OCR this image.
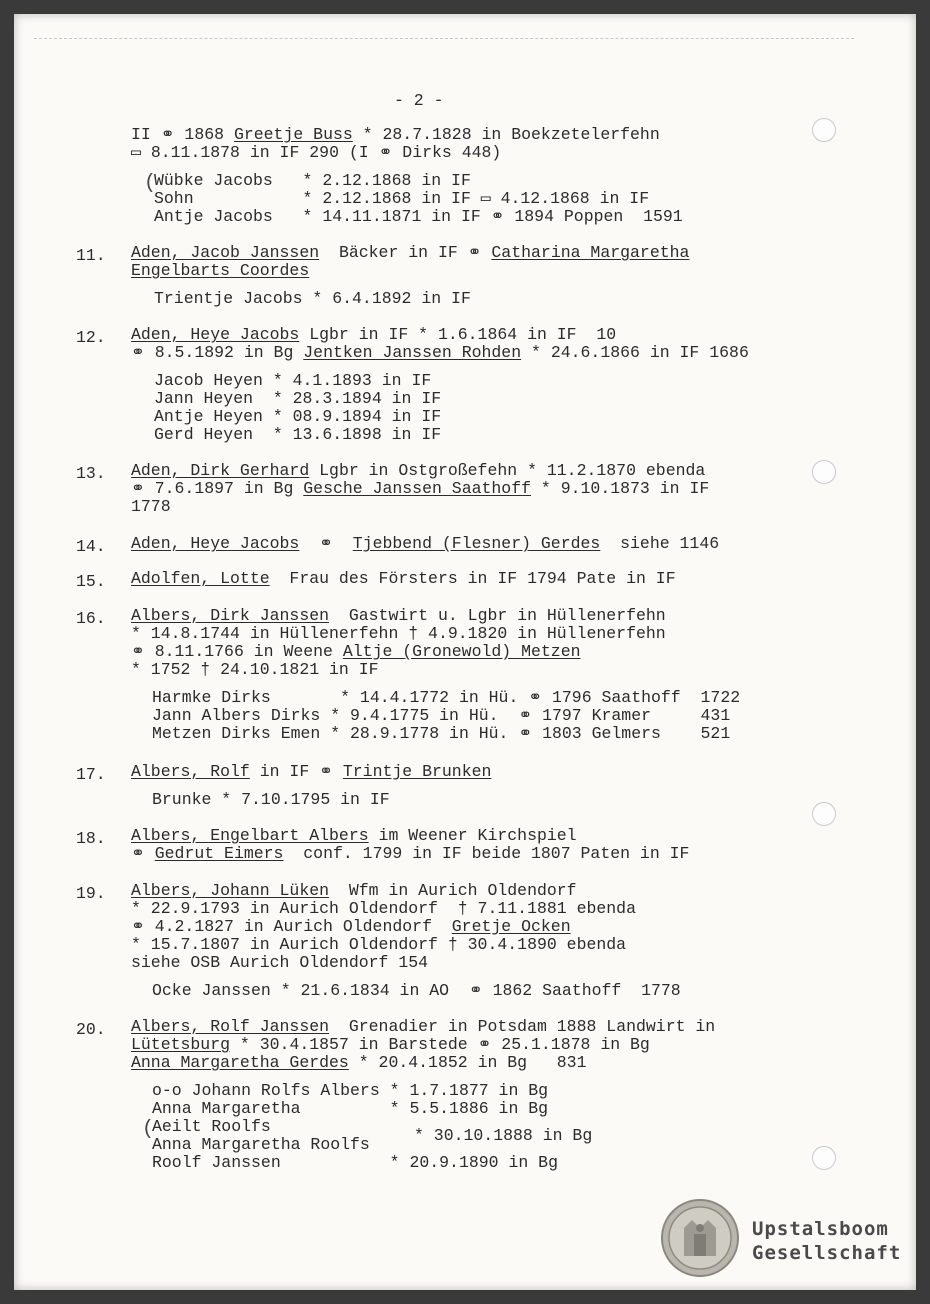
- 2 -
II ⚭ 1868 Greetje Buss * 28.7.1828 in Boekzetelerfehn
▭ 8.11.1878 in IF 290 (I ⚭ Dirks 448)
(
Wübke Jacobs   * 2.12.1868 in IF
Sohn           * 2.12.1868 in IF ▭ 4.12.1868 in IF
Antje Jacobs   * 14.11.1871 in IF ⚭ 1894 Poppen  1591
11. Aden, Jacob Janssen  Bäcker in IF ⚭ Catharina Margaretha
Engelbarts Coordes
Trientje Jacobs * 6.4.1892 in IF
12. Aden, Heye Jacobs Lgbr in IF * 1.6.1864 in IF  10
⚭ 8.5.1892 in Bg Jentken Janssen Rohden * 24.6.1866 in IF 1686
Jacob Heyen * 4.1.1893 in IF
Jann Heyen  * 28.3.1894 in IF
Antje Heyen * 08.9.1894 in IF
Gerd Heyen  * 13.6.1898 in IF
13. Aden, Dirk Gerhard Lgbr in Ostgroßefehn * 11.2.1870 ebenda
⚭ 7.6.1897 in Bg Gesche Janssen Saathoff * 9.10.1873 in IF
1778
14. Aden, Heye Jacobs  ⚭  Tjebbend (Flesner) Gerdes  siehe 1146
15. Adolfen, Lotte  Frau des Försters in IF 1794 Pate in IF
16. Albers, Dirk Janssen  Gastwirt u. Lgbr in Hüllenerfehn
* 14.8.1744 in Hüllenerfehn † 4.9.1820 in Hüllenerfehn
⚭ 8.11.1766 in Weene Altje (Gronewold) Metzen
* 1752 † 24.10.1821 in IF
Harmke Dirks       * 14.4.1772 in Hü. ⚭ 1796 Saathoff  1722
Jann Albers Dirks * 9.4.1775 in Hü.  ⚭ 1797 Kramer     431
Metzen Dirks Emen * 28.9.1778 in Hü. ⚭ 1803 Gelmers    521
17. Albers, Rolf in IF ⚭ Trintje Brunken
Brunke * 7.10.1795 in IF
18. Albers, Engelbart Albers im Weener Kirchspiel
⚭ Gedrut Eimers  conf. 1799 in IF beide 1807 Paten in IF
19. Albers, Johann Lüken  Wfm in Aurich Oldendorf
* 22.9.1793 in Aurich Oldendorf  † 7.11.1881 ebenda
⚭ 4.2.1827 in Aurich Oldendorf  Gretje Ocken
* 15.7.1807 in Aurich Oldendorf † 30.4.1890 ebenda
siehe OSB Aurich Oldendorf 154
Ocke Janssen * 21.6.1834 in AO  ⚭ 1862 Saathoff  1778
20. Albers, Rolf Janssen  Grenadier in Potsdam 1888 Landwirt in
Lütetsburg * 30.4.1857 in Barstede ⚭ 25.1.1878 in Bg
Anna Margaretha Gerdes * 20.4.1852 in Bg   831
o-o Johann Rolfs Albers * 1.7.1877 in Bg
Anna Margaretha         * 5.5.1886 in Bg
(
Aeilt Roolfs
Anna Margaretha Roolfs	* 30.10.1888 in Bg
Roolf Janssen           * 20.9.1890 in Bg
Upstalsboom
Gesellschaft
